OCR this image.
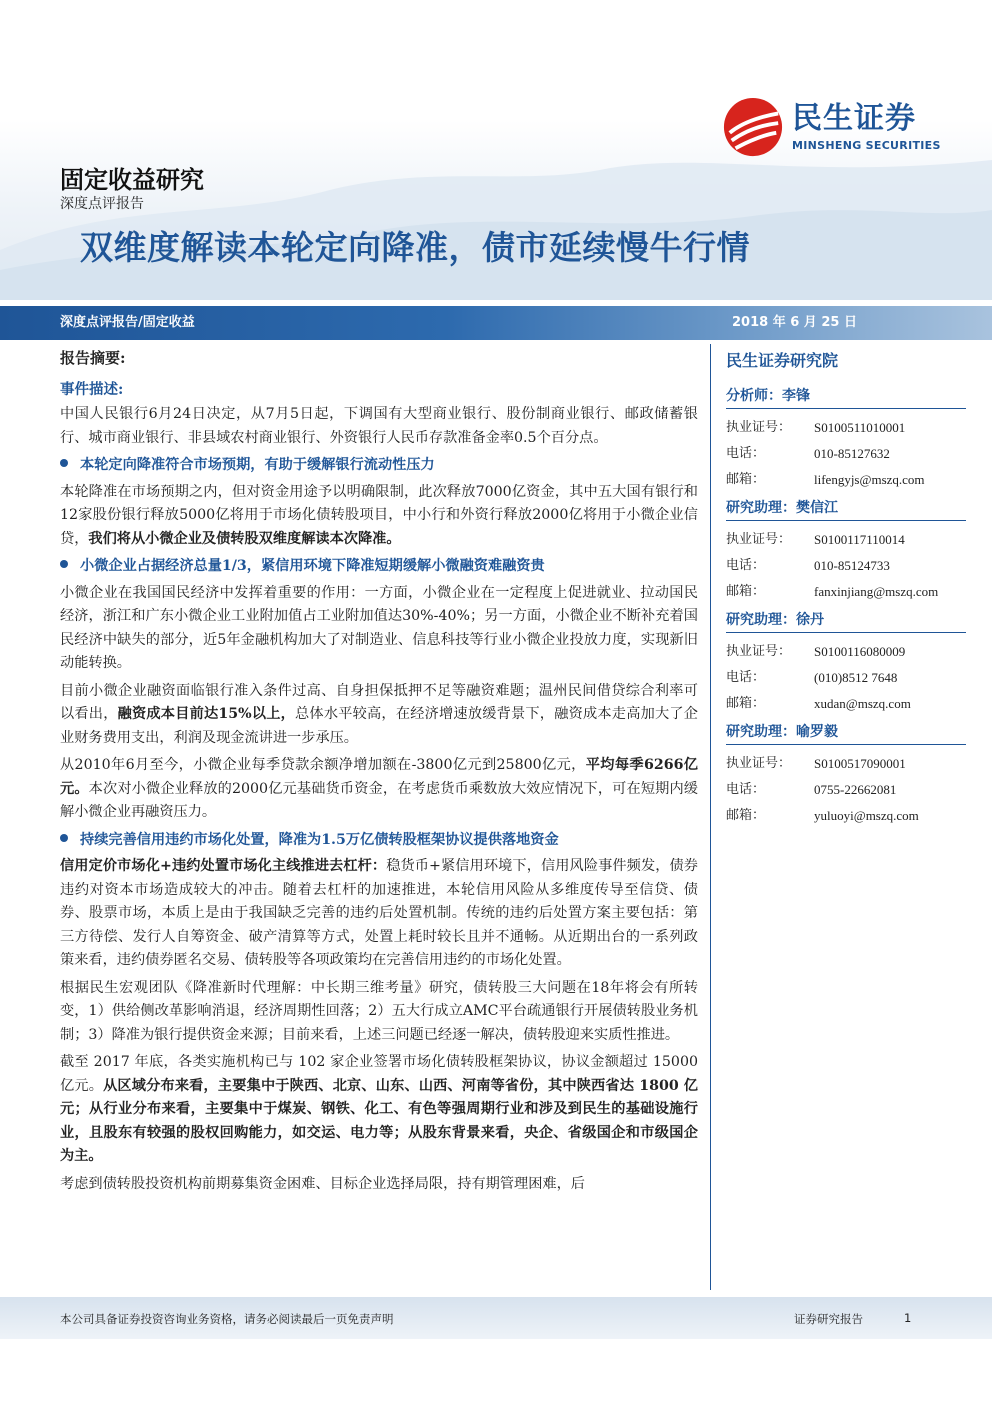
民生证券
MINSHENG SECURITIES
固定收益研究
深度点评报告
双维度解读本轮定向降准，债市延续慢牛行情
深度点评报告/固定收益	2018 年 6 月 25 日
报告摘要:
事件描述:

中国人民银行6月24日决定，从7月5日起，下调国有大型商业银行、股份制商业银行、邮政储蓄银行、城市商业银行、非县域农村商业银行、外资银行人民币存款准备金率0.5个百分点。

本轮定向降准符合市场预期，有助于缓解银行流动性压力

本轮降准在市场预期之内，但对资金用途予以明确限制，此次释放7000亿资金，其中五大国有银行和12家股份银行释放5000亿将用于市场化债转股项目，中小行和外资行释放2000亿将用于小微企业信贷，我们将从小微企业及债转股双维度解读本次降准。

小微企业占据经济总量1/3，紧信用环境下降准短期缓解小微融资难融资贵

小微企业在我国国民经济中发挥着重要的作用：一方面，小微企业在一定程度上促进就业、拉动国民经济，浙江和广东小微企业工业附加值占工业附加值达30%-40%；另一方面，小微企业不断补充着国民经济中缺失的部分，近5年金融机构加大了对制造业、信息科技等行业小微企业投放力度，实现新旧动能转换。

目前小微企业融资面临银行准入条件过高、自身担保抵押不足等融资难题；温州民间借贷综合利率可以看出，融资成本目前达15%以上，总体水平较高，在经济增速放缓背景下，融资成本走高加大了企业财务费用支出，利润及现金流讲进一步承压。

从2010年6月至今，小微企业每季贷款余额净增加额在-3800亿元到25800亿元，平均每季6266亿元。本次对小微企业释放的2000亿元基础货币资金，在考虑货币乘数放大效应情况下，可在短期内缓解小微企业再融资压力。

持续完善信用违约市场化处置，降准为1.5万亿债转股框架协议提供落地资金

信用定价市场化+违约处置市场化主线推进去杠杆：稳货币+紧信用环境下，信用风险事件频发，债券违约对资本市场造成较大的冲击。随着去杠杆的加速推进，本轮信用风险从多维度传导至信贷、债券、股票市场，本质上是由于我国缺乏完善的违约后处置机制。传统的违约后处置方案主要包括：第三方待偿、发行人自筹资金、破产清算等方式，处置上耗时较长且并不通畅。从近期出台的一系列政策来看，违约债券匿名交易、债转股等各项政策均在完善信用违约的市场化处置。

根据民生宏观团队《降准新时代理解：中长期三维考量》研究，债转股三大问题在18年将会有所转变，1）供给侧改革影响消退，经济周期性回落；2）五大行成立AMC平台疏通银行开展债转股业务机制；3）降准为银行提供资金来源；目前来看，上述三问题已经逐一解决，债转股迎来实质性推进。

截至 2017 年底，各类实施机构已与 102 家企业签署市场化债转股框架协议，协议金额超过 15000 亿元。从区域分布来看，主要集中于陕西、北京、山东、山西、河南等省份，其中陕西省达 1800 亿元；从行业分布来看，主要集中于煤炭、钢铁、化工、有色等强周期行业和涉及到民生的基础设施行业，且股东有较强的股权回购能力，如交运、电力等；从股东背景来看，央企、省级国企和市级国企为主。

考虑到债转股投资机构前期募集资金困难、目标企业选择局限，持有期管理困难，后

民生证券研究院
分析师：李锋
执业证号：	S0100511010001
电话：	010-85127632
邮箱：	lifengyjs@mszq.com
研究助理：樊信江
执业证号：	S0100117110014
电话：	010-85124733
邮箱：	fanxinjiang@mszq.com
研究助理：徐丹
执业证号：	S0100116080009
电话：	(010)8512 7648
邮箱：	xudan@mszq.com
研究助理：喻罗毅
执业证号：	S0100517090001
电话：	0755-22662081
邮箱：	yuluoyi@mszq.com
本公司具备证券投资咨询业务资格，请务必阅读最后一页免责声明	证券研究报告	1
